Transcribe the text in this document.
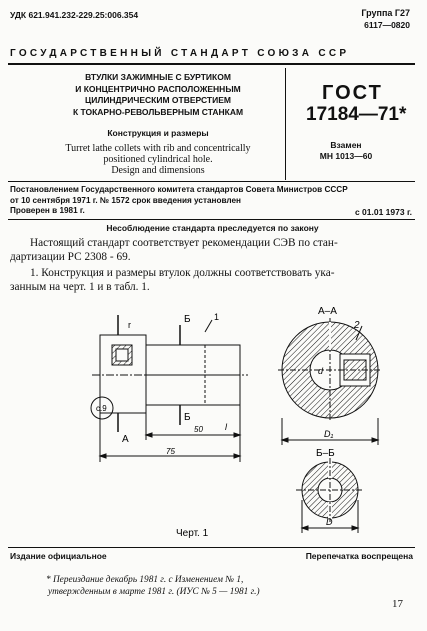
УДК 621.941.232-229.25:006.354	Группа Г27
6117—0820
ГОСУДАРСТВЕННЫЙ СТАНДАРТ СОЮЗА ССР
ВТУЛКИ ЗАЖИМНЫЕ С БУРТИКОМ
И КОНЦЕНТРИЧНО РАСПОЛОЖЕННЫМ
ЦИЛИНДРИЧЕСКИМ ОТВЕРСТИЕМ
К ТОКАРНО-РЕВОЛЬВЕРНЫМ СТАНКАМ
Конструкция и размеры
Turret lathe collets with rib and concentrically
positioned cylindrical hole.
Design and dimensions
ГОСТ
17184—71*
Взамен
МН 1013—60
Постановлением Государственного комитета стандартов Совета Министров СССР
от 10 сентября 1971 г. № 1572 срок введения установлен
Проверен в 1981 г.	с 01.01 1973 г.
Несоблюдение стандарта преследуется по закону
Настоящий стандарт соответствует рекомендации СЭВ по стан-
дартизации РС 2308 - 69.
1. Конструкция и размеры втулок должны соответствовать ука-
занным на черт. 1 и в табл. 1.
r	Б	1
с.9
Б
А
50
75
l
А–А
2
d
D₁
Б–Б
D
Черт. 1
Издание официальное	Перепечатка воспрещена
* Переиздание декабрь 1981 г. с Изменением № 1,
утвержденным в марте 1981 г. (ИУС № 5 — 1981 г.)
17
